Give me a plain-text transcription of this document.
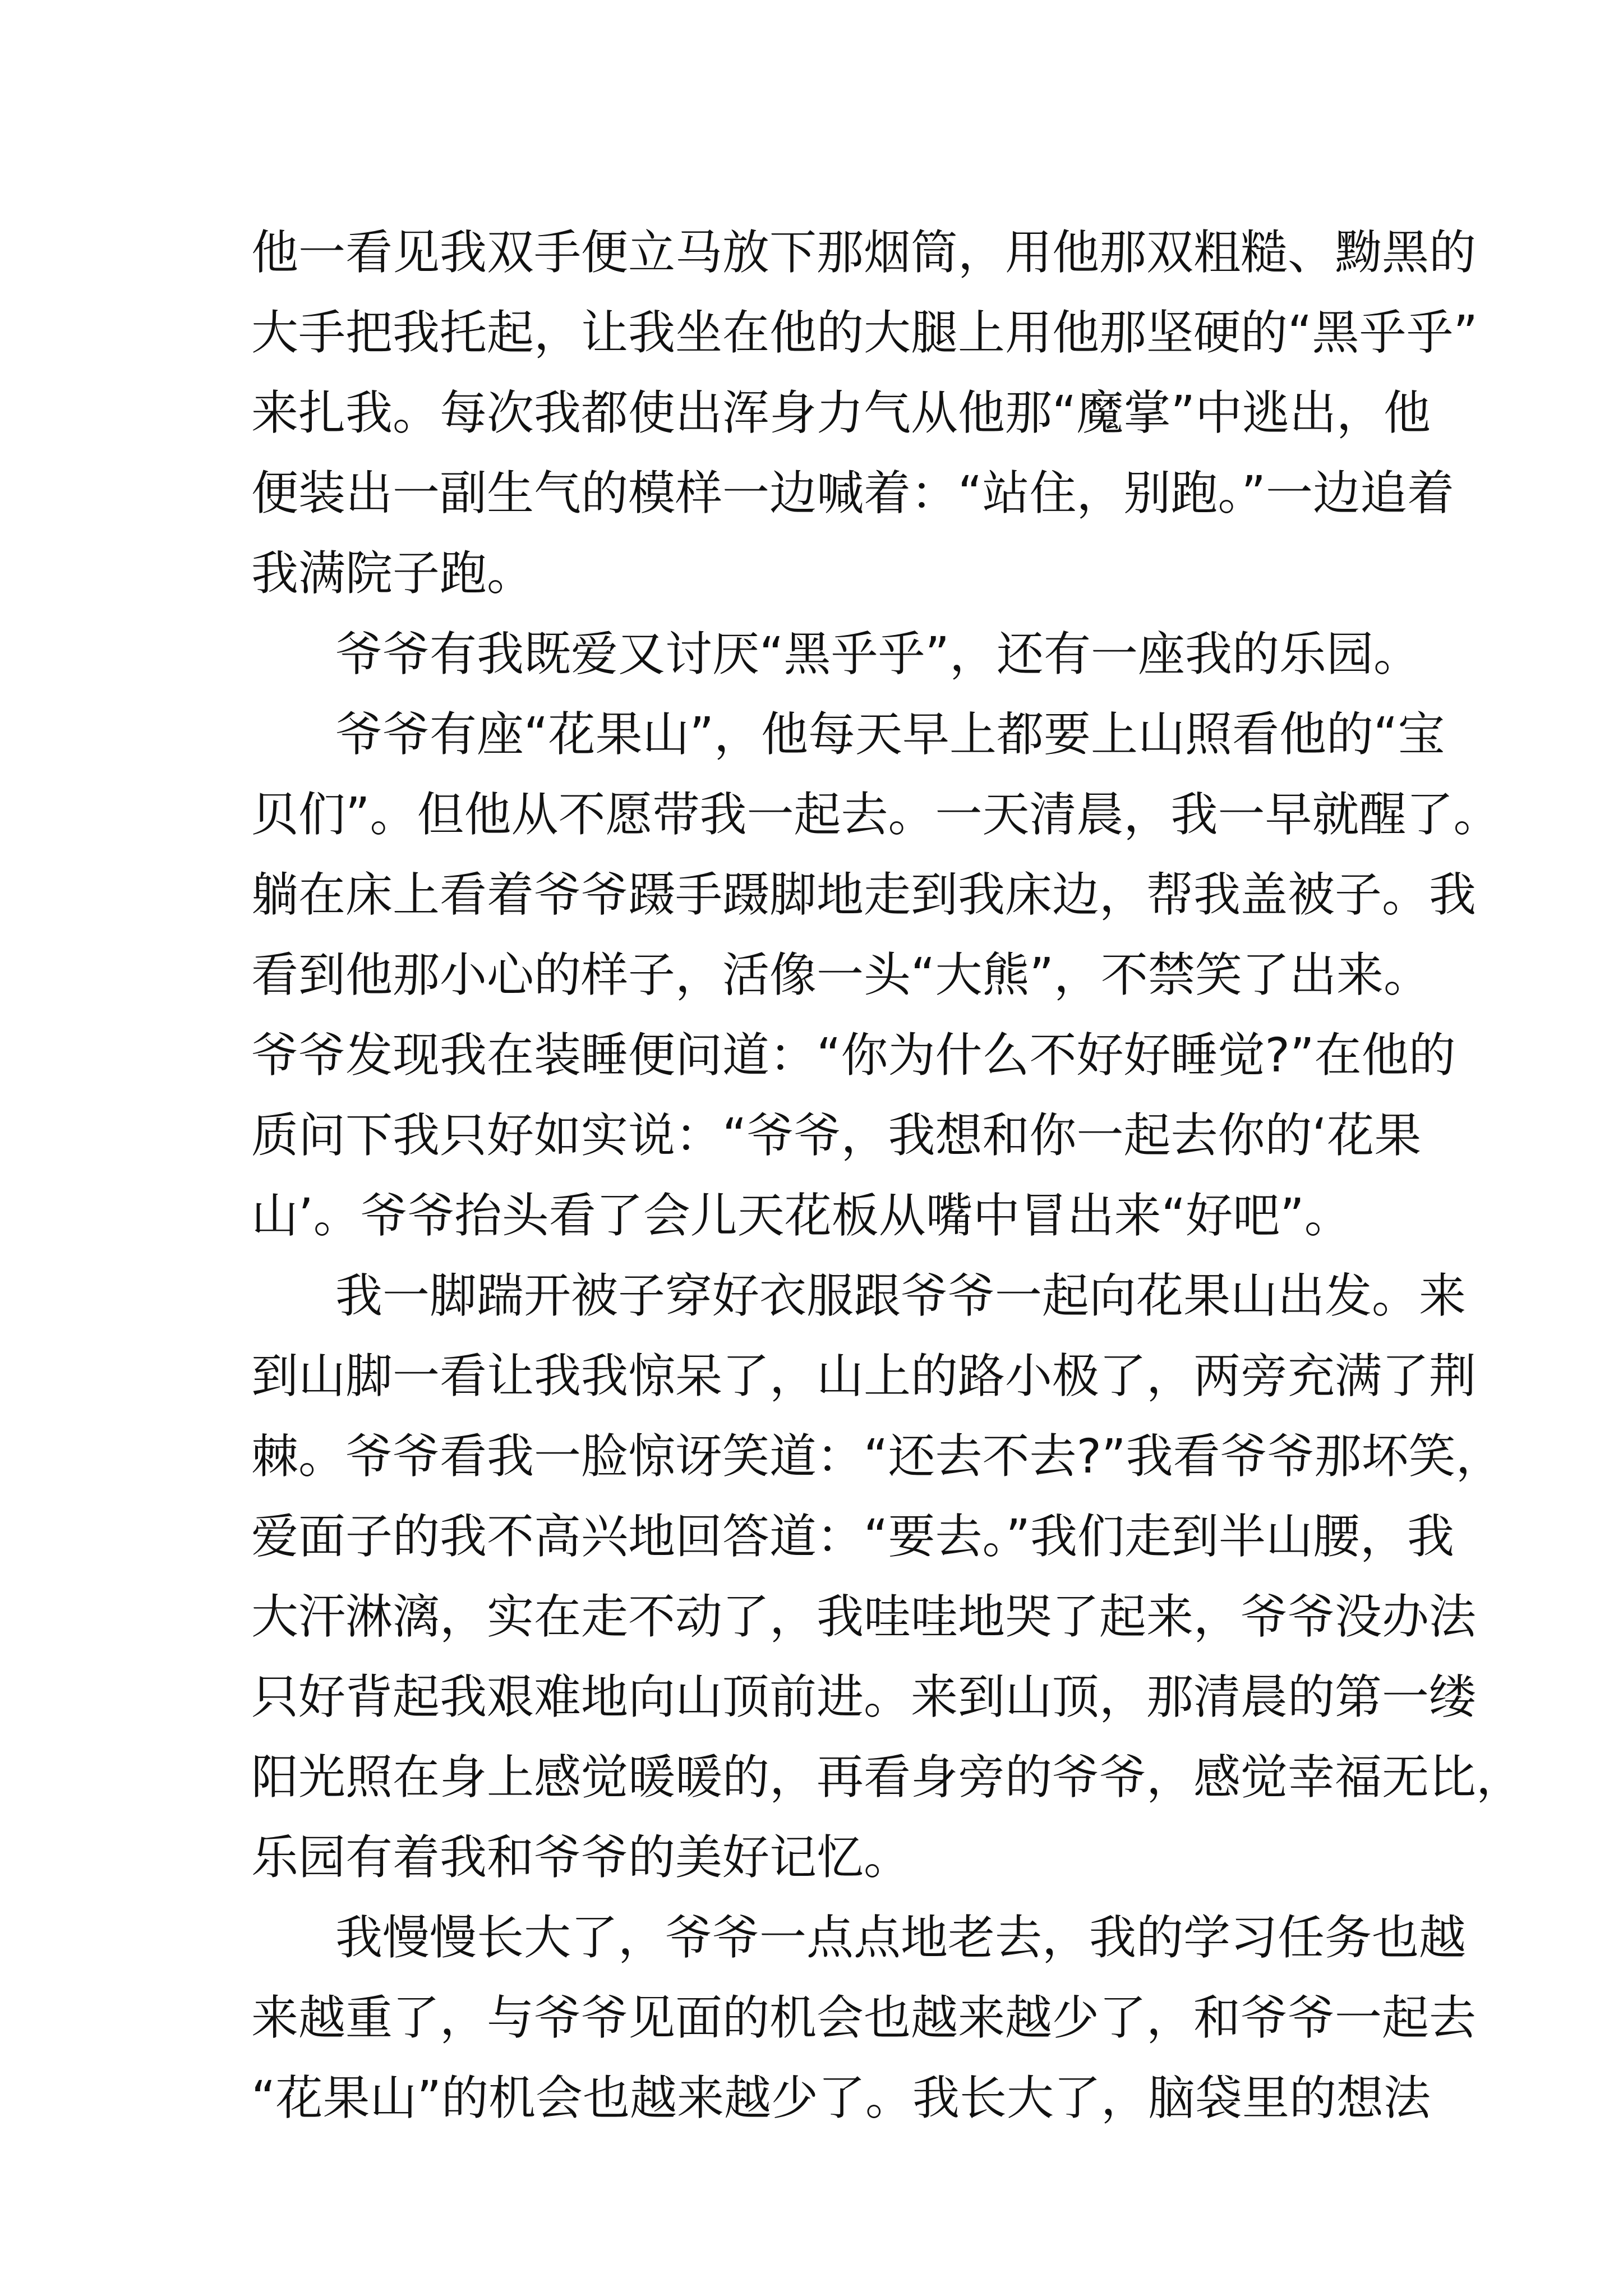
他一看见我双手便立马放下那烟筒，用他那双粗糙、黝黑的
大手把我托起，让我坐在他的大腿上用他那坚硬的“黑乎乎”
来扎我。每次我都使出浑身力气从他那“魔掌”中逃出，他
便装出一副生气的模样一边喊着：“站住，别跑。”一边追着
我满院子跑。
爷爷有我既爱又讨厌“黑乎乎”，还有一座我的乐园。
爷爷有座“花果山”，他每天早上都要上山照看他的“宝
贝们”。但他从不愿带我一起去。一天清晨，我一早就醒了。
躺在床上看着爷爷蹑手蹑脚地走到我床边，帮我盖被子。我
看到他那小心的样子，活像一头“大熊”，不禁笑了出来。
爷爷发现我在装睡便问道：“你为什么不好好睡觉?”在他的
质问下我只好如实说：“爷爷，我想和你一起去你的‘花果
山’。爷爷抬头看了会儿天花板从嘴中冒出来“好吧”。
我一脚踹开被子穿好衣服跟爷爷一起向花果山出发。来
到山脚一看让我我惊呆了，山上的路小极了，两旁充满了荆
棘。爷爷看我一脸惊讶笑道：“还去不去?”我看爷爷那坏笑，
爱面子的我不高兴地回答道：“要去。”我们走到半山腰，我
大汗淋漓，实在走不动了，我哇哇地哭了起来，爷爷没办法
只好背起我艰难地向山顶前进。来到山顶，那清晨的第一缕
阳光照在身上感觉暖暖的，再看身旁的爷爷，感觉幸福无比，
乐园有着我和爷爷的美好记忆。
我慢慢长大了，爷爷一点点地老去，我的学习任务也越
来越重了，与爷爷见面的机会也越来越少了，和爷爷一起去
“花果山”的机会也越来越少了。我长大了，脑袋里的想法
